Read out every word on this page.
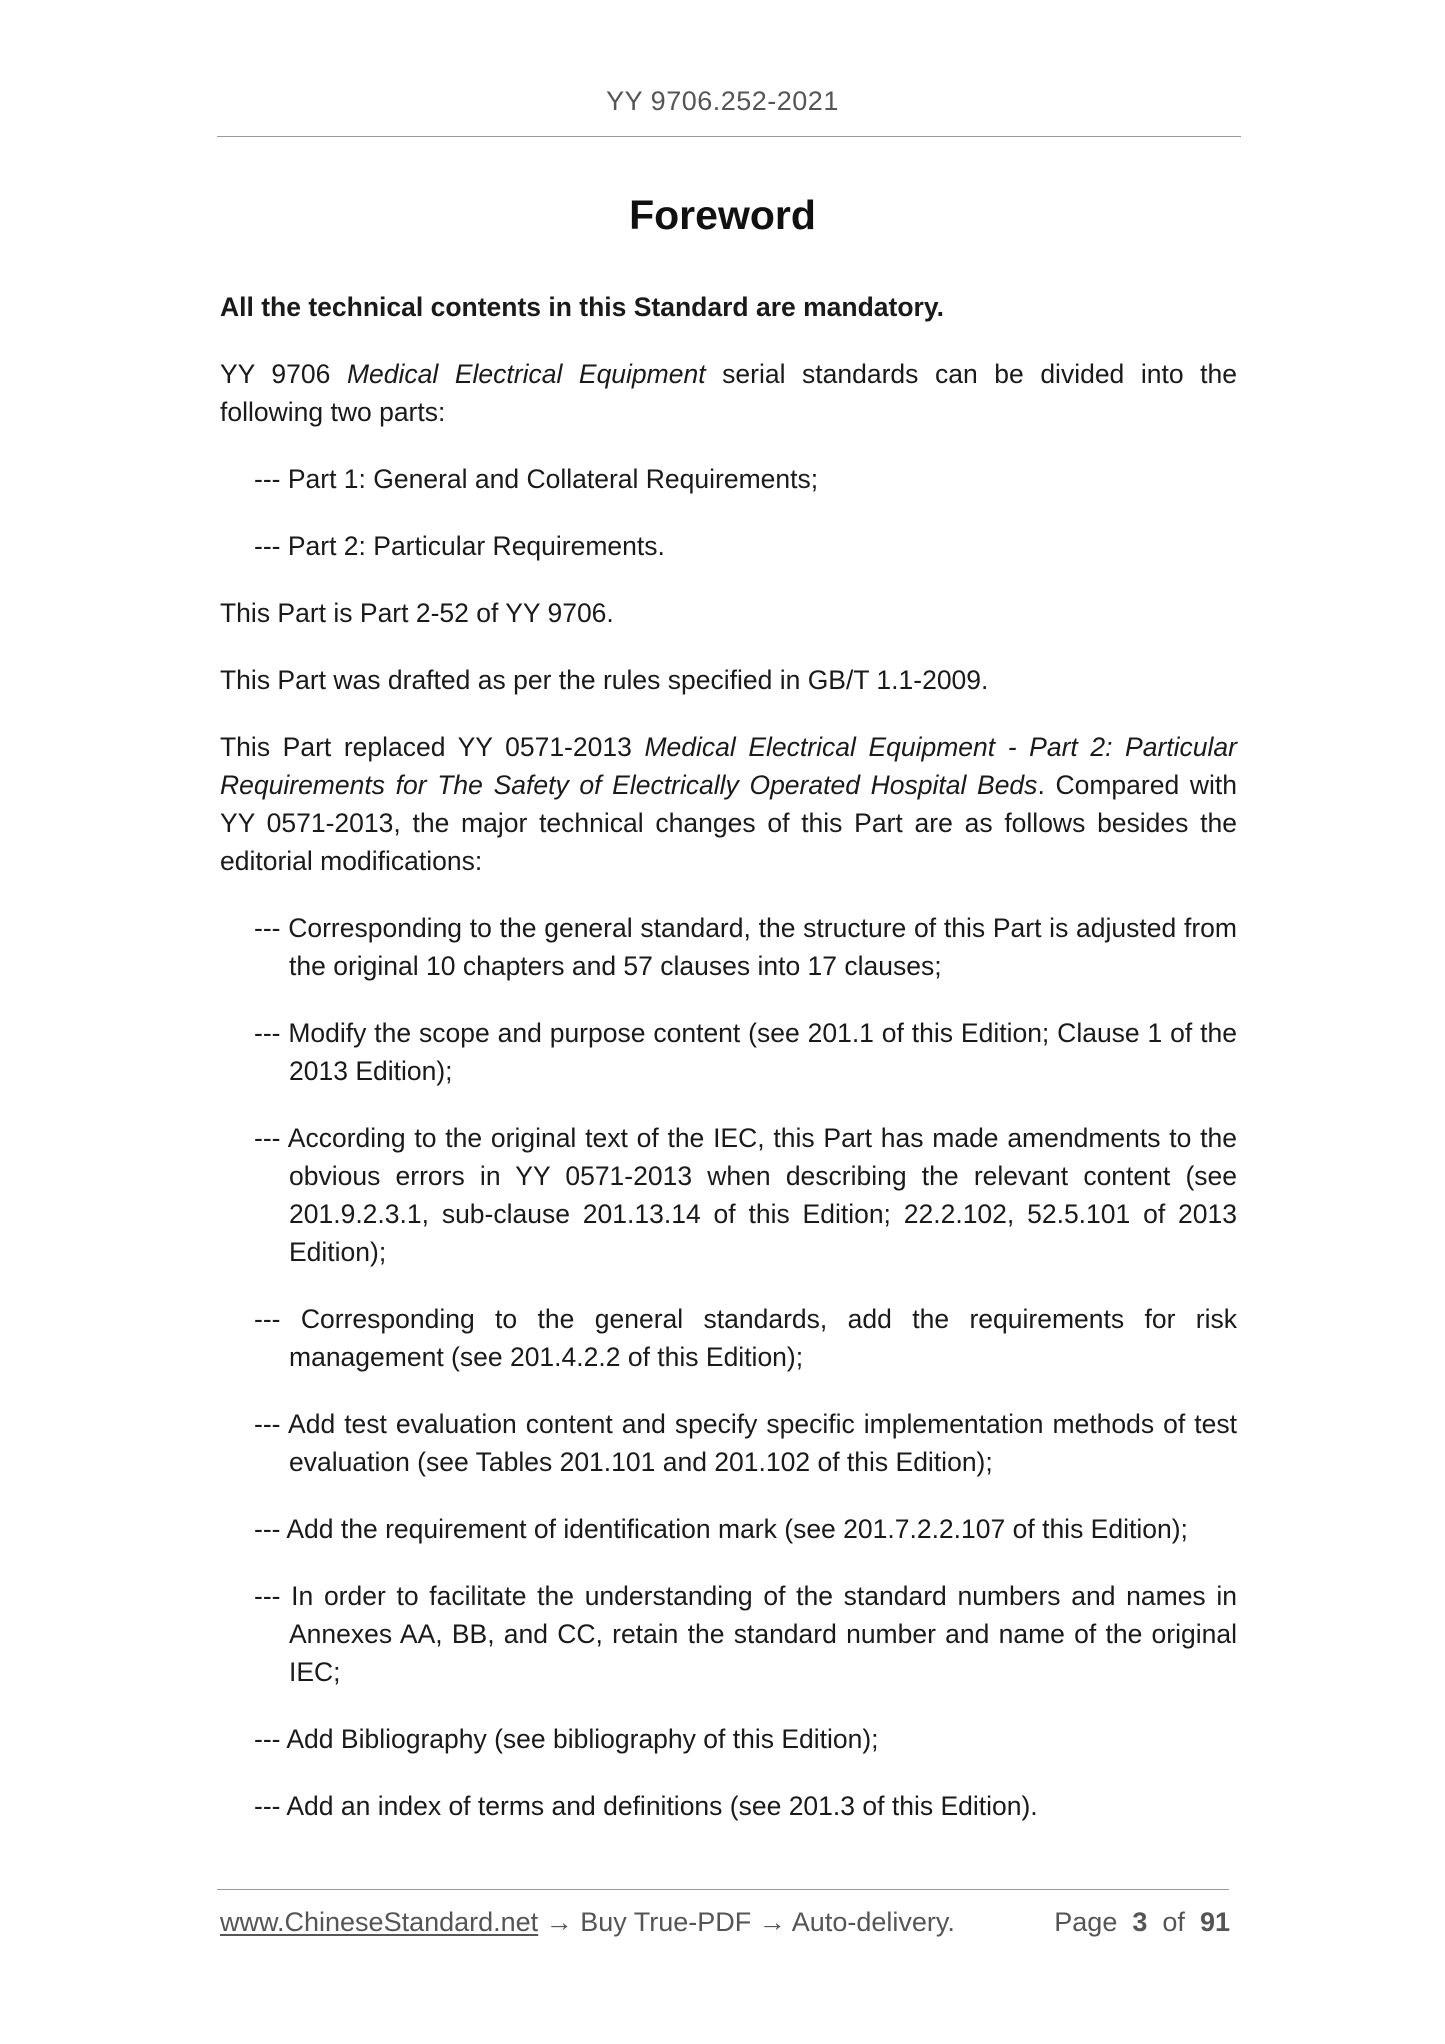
YY 9706.252-2021
Foreword

All the technical contents in this Standard are mandatory.

YY 9706 Medical Electrical Equipment serial standards can be divided into the following two parts:

--- Part 1: General and Collateral Requirements;

--- Part 2: Particular Requirements.

This Part is Part 2-52 of YY 9706.

This Part was drafted as per the rules specified in GB/T 1.1-2009.

This Part replaced YY 0571-2013 Medical Electrical Equipment - Part 2: Particular Requirements for The Safety of Electrically Operated Hospital Beds. Compared with YY 0571-2013, the major technical changes of this Part are as follows besides the editorial modifications:

--- Corresponding to the general standard, the structure of this Part is adjusted from the original 10 chapters and 57 clauses into 17 clauses;

--- Modify the scope and purpose content (see 201.1 of this Edition; Clause 1 of the 2013 Edition);

--- According to the original text of the IEC, this Part has made amendments to the obvious errors in YY 0571-2013 when describing the relevant content (see 201.9.2.3.1, sub-clause 201.13.14 of this Edition; 22.2.102, 52.5.101 of 2013 Edition);

--- Corresponding to the general standards, add the requirements for risk management (see 201.4.2.2 of this Edition);

--- Add test evaluation content and specify specific implementation methods of test evaluation (see Tables 201.101 and 201.102 of this Edition);

--- Add the requirement of identification mark (see 201.7.2.2.107 of this Edition);

--- In order to facilitate the understanding of the standard numbers and names in Annexes AA, BB, and CC, retain the standard number and name of the original IEC;

--- Add Bibliography (see bibliography of this Edition);

--- Add an index of terms and definitions (see 201.3 of this Edition).

www.ChineseStandard.net → Buy True-PDF → Auto-delivery.	Page 3 of 91
